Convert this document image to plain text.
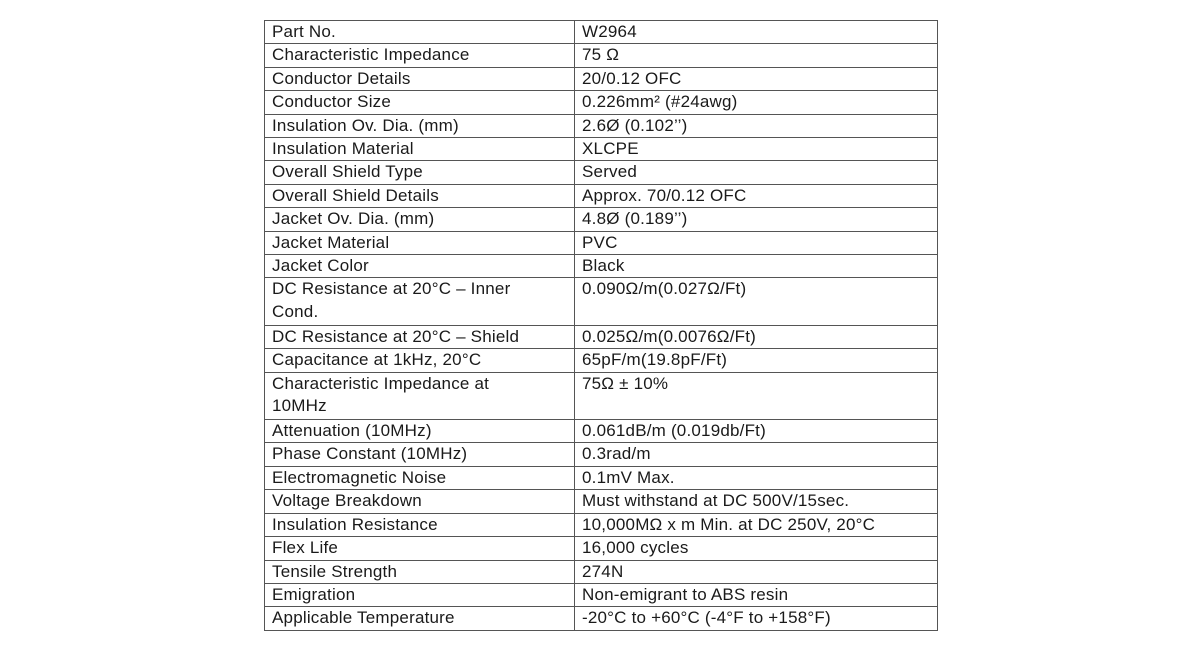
Part No.	W2964
Characteristic Impedance	75 Ω
Conductor Details	20/0.12 OFC
Conductor Size	0.226mm² (#24awg)
Insulation Ov. Dia. (mm)	2.6Ø (0.102’’)
Insulation Material	XLCPE
Overall Shield Type	Served
Overall Shield Details	Approx. 70/0.12 OFC
Jacket Ov. Dia. (mm)	4.8Ø (0.189’’)
Jacket Material	PVC
Jacket Color	Black
DC Resistance at 20°C – Inner Cond.	0.090Ω/m(0.027Ω/Ft)
DC Resistance at 20°C – Shield	0.025Ω/m(0.0076Ω/Ft)
Capacitance at 1kHz, 20°C	65pF/m(19.8pF/Ft)
Characteristic Impedance at 10MHz	75Ω ± 10%
Attenuation (10MHz)	0.061dB/m (0.019db/Ft)
Phase Constant (10MHz)	0.3rad/m
Electromagnetic Noise	0.1mV Max.
Voltage Breakdown	Must withstand at DC 500V/15sec.
Insulation Resistance	10,000MΩ x m Min. at DC 250V, 20°C
Flex Life	16,000 cycles
Tensile Strength	274N
Emigration	Non-emigrant to ABS resin
Applicable Temperature	-20°C to +60°C (-4°F to +158°F)
